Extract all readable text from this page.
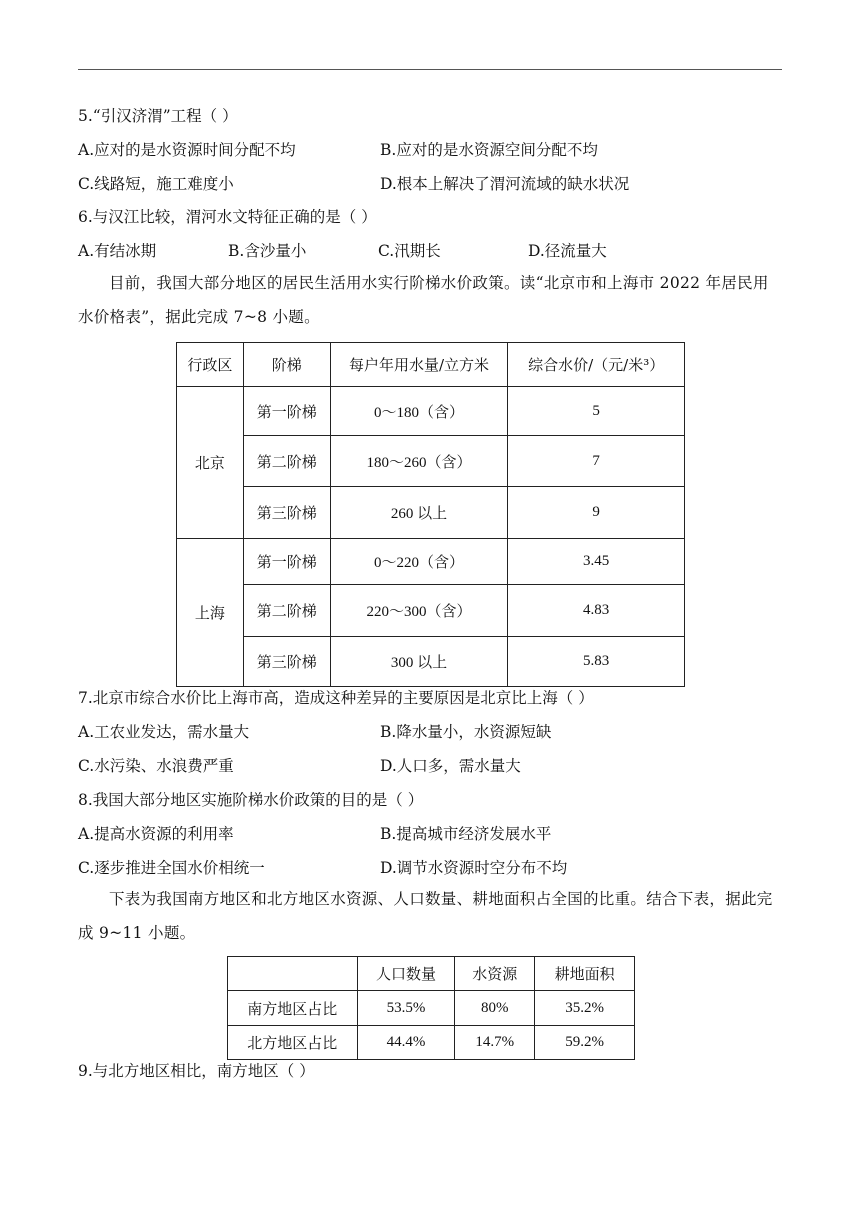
5.“引汉济渭”工程（ ）
A.应对的是水资源时间分配不均	B.应对的是水资源空间分配不均
C.线路短，施工难度小	D.根本上解决了渭河流域的缺水状况
6.与汉江比较，渭河水文特征正确的是（ ）
A.有结冰期	B.含沙量小	C.汛期长	D.径流量大
目前，我国大部分地区的居民生活用水实行阶梯水价政策。读“北京市和上海市 2022 年居民用水价格表”，据此完成 7~8 小题。
行政区	阶梯	每户年用水量/立方米	综合水价/（元/米³）
北京	第一阶梯	0～180（含）	5
	第二阶梯	180～260（含）	7
	第三阶梯	260 以上	9
上海	第一阶梯	0～220（含）	3.45
	第二阶梯	220～300（含）	4.83
	第三阶梯	300 以上	5.83
7.北京市综合水价比上海市高，造成这种差异的主要原因是北京比上海（ ）
A.工农业发达，需水量大	B.降水量小，水资源短缺
C.水污染、水浪费严重	D.人口多，需水量大
8.我国大部分地区实施阶梯水价政策的目的是（ ）
A.提高水资源的利用率	B.提高城市经济发展水平
C.逐步推进全国水价相统一	D.调节水资源时空分布不均
下表为我国南方地区和北方地区水资源、人口数量、耕地面积占全国的比重。结合下表，据此完成 9~11 小题。
	人口数量	水资源	耕地面积
南方地区占比	53.5%	80%	35.2%
北方地区占比	44.4%	14.7%	59.2%
9.与北方地区相比，南方地区（ ）
